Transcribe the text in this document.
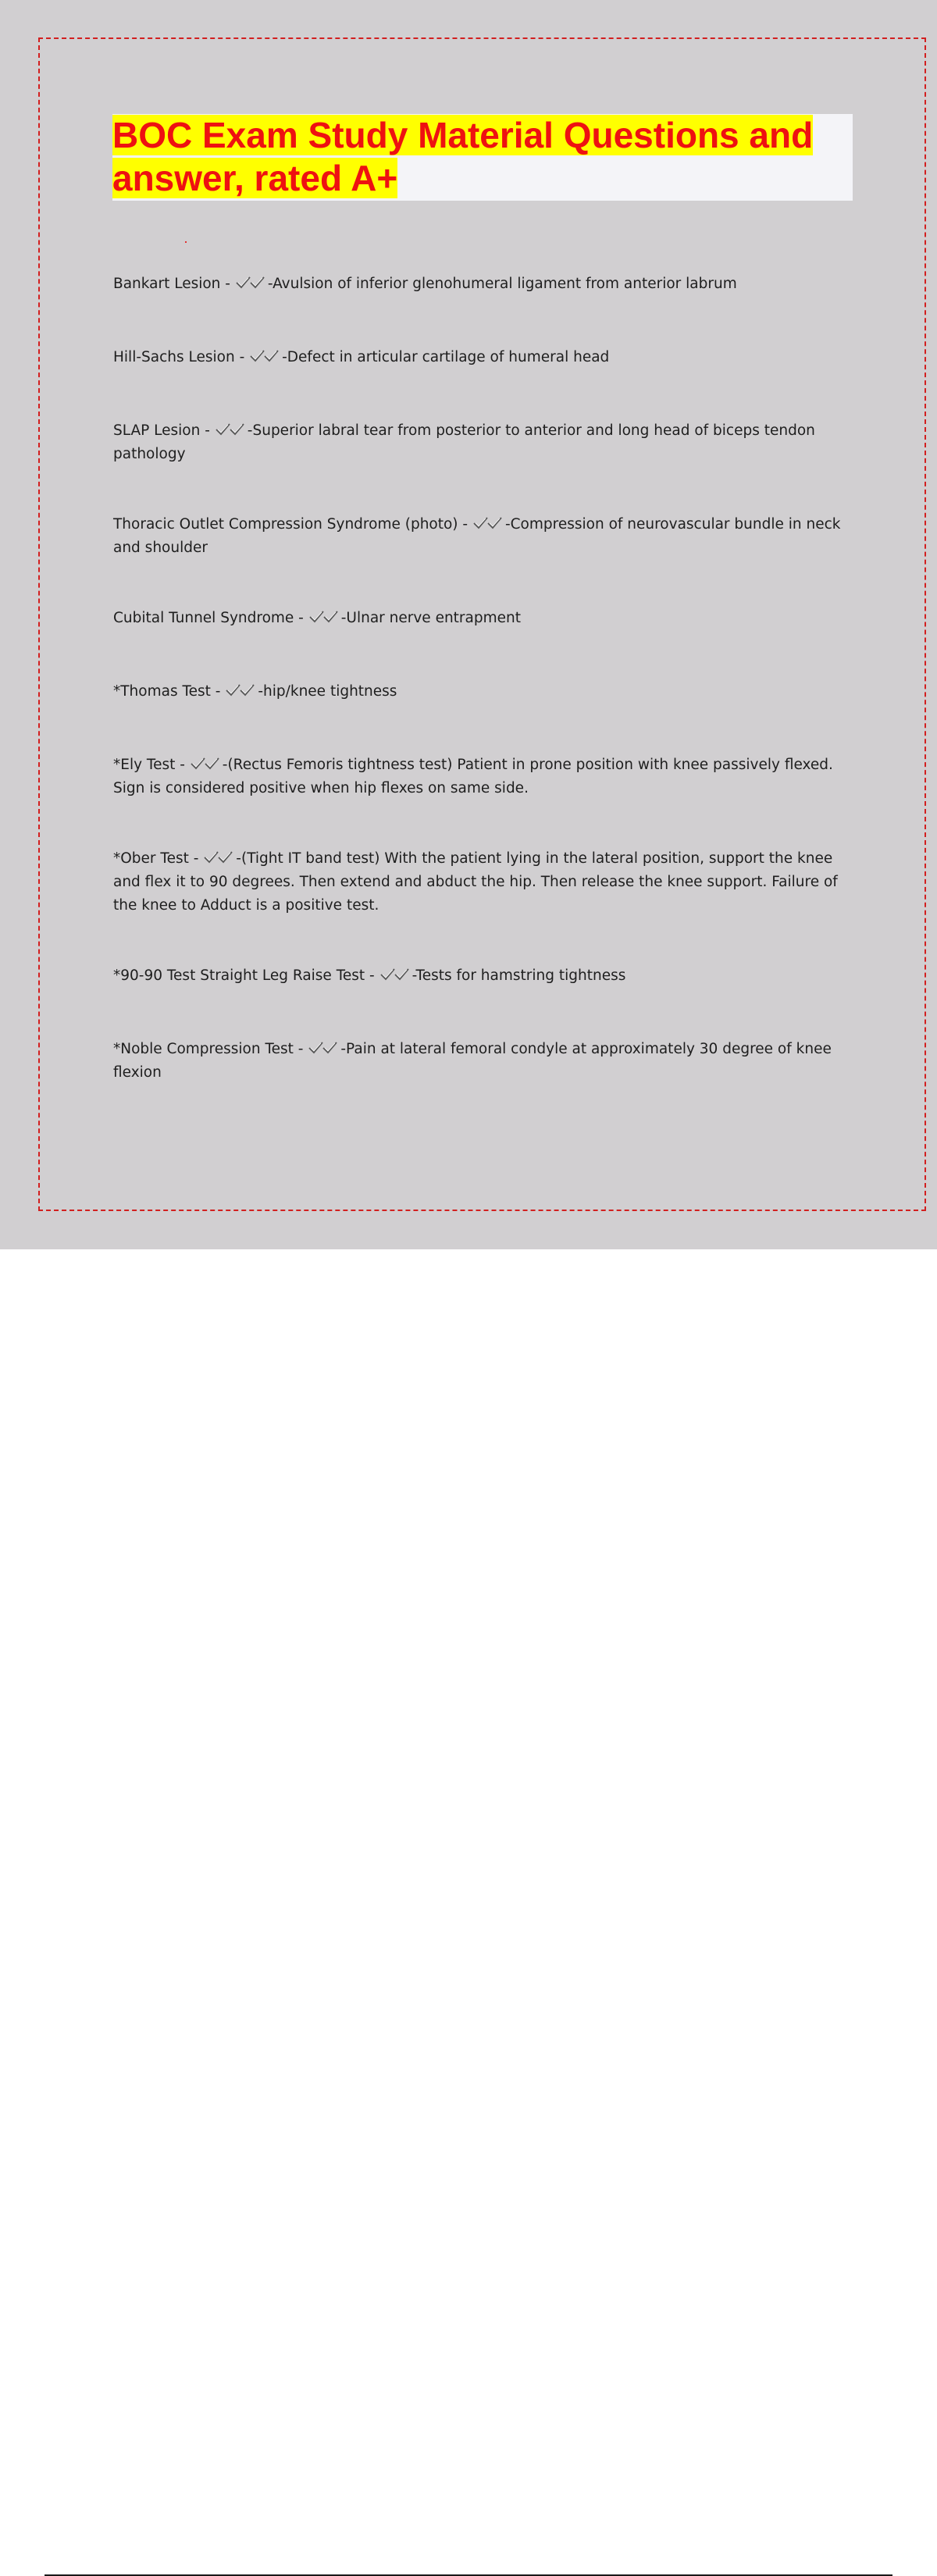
BOC Exam Study Material Questions and answer, rated A+

Bankart Lesion -
-Avulsion of inferior glenohumeral ligament from anterior labrum

Hill-Sachs Lesion -
-Defect in articular cartilage of humeral head

SLAP Lesion -
-Superior labral tear from posterior to anterior and long head of biceps tendon pathology

Thoracic Outlet Compression Syndrome (photo) -
-Compression of neurovascular bundle in neck and shoulder

Cubital Tunnel Syndrome -
-Ulnar nerve entrapment

*Thomas Test -
-hip/knee tightness

*Ely Test -
-(Rectus Femoris tightness test) Patient in prone position with knee passively flexed. Sign is considered positive when hip flexes on same side.

*Ober Test -
-(Tight IT band test) With the patient lying in the lateral position, support the knee and flex it to 90 degrees. Then extend and abduct the hip. Then release the knee support. Failure of the knee to Adduct is a positive test.

*90-90 Test Straight Leg Raise Test -
-Tests for hamstring tightness

*Noble Compression Test -
-Pain at lateral femoral condyle at approximately 30 degree of knee flexion
